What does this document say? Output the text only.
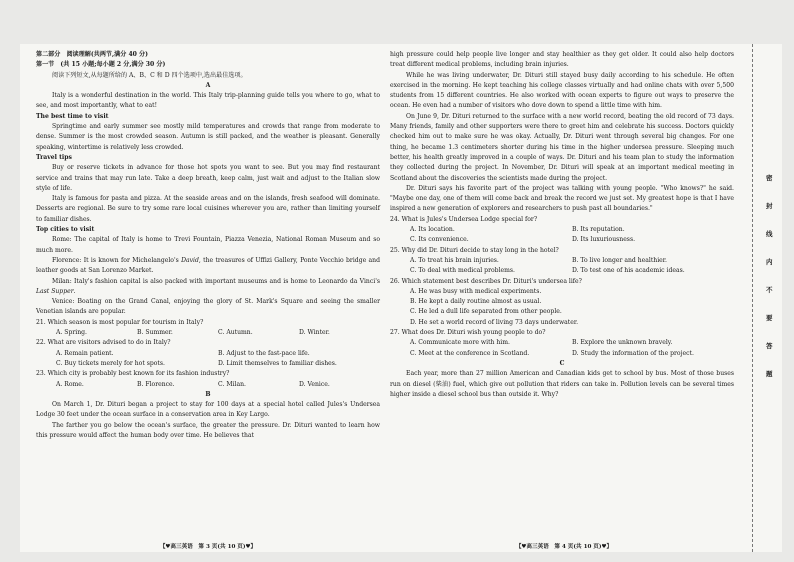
第二部分　阅读理解(共两节,满分 40 分)
第一节　(共 15 小题;每小题 2 分,满分 30 分)

阅读下列短文,从每题所给的 A、B、C 和 D 四个选项中,选出最佳选项。

A

Italy is a wonderful destination in the world. This Italy trip-planning guide tells you where to go, what to see, and most importantly, what to eat!

The best time to visit

Springtime and early summer see mostly mild temperatures and crowds that range from moderate to dense. Summer is the most crowded season. Autumn is still packed, and the weather is pleasant. Generally speaking, wintertime is relatively less crowded.

Travel tips

Buy or reserve tickets in advance for those hot spots you want to see. But you may find restaurant service and trains that may run late. Take a deep breath, keep calm, just wait and adjust to the Italian slow style of life.

Italy is famous for pasta and pizza. At the seaside areas and on the islands, fresh seafood will dominate. Desserts are regional. Be sure to try some rare local cuisines wherever you are, rather than limiting yourself to familiar dishes.

Top cities to visit

Rome: The capital of Italy is home to Trevi Fountain, Piazza Venezia, National Roman Museum and so much more.

Florence: It is known for Michelangelo's David, the treasures of Uffizi Gallery, Ponte Vecchio bridge and leather goods at San Lorenzo Market.

Milan: Italy's fashion capital is also packed with important museums and is home to Leonardo da Vinci's Last Supper.

Venice: Boating on the Grand Canal, enjoying the glory of St. Mark's Square and seeing the smaller Venetian islands are popular.

21. Which season is most popular for tourism in Italy?
A. Spring.	B. Summer.	C. Autumn.	D. Winter.
22. What are visitors advised to do in Italy?
A. Remain patient.	B. Adjust to the fast-pace life.
C. Buy tickets merely for hot spots.	D. Limit themselves to familiar dishes.
23. Which city is probably best known for its fashion industry?
A. Rome.	B. Florence.	C. Milan.	D. Venice.
B

On March 1, Dr. Dituri began a project to stay for 100 days at a special hotel called Jules's Undersea Lodge 30 feet under the ocean surface in a conservation area in Key Largo.

The farther you go below the ocean's surface, the greater the pressure. Dr. Dituri wanted to learn how this pressure would affect the human body over time. He believes that

high pressure could help people live longer and stay healthier as they get older. It could also help doctors treat different medical problems, including brain injuries.

While he was living underwater, Dr. Dituri still stayed busy daily according to his schedule. He often exercised in the morning. He kept teaching his college classes virtually and had online chats with over 5,500 students from 15 different countries. He also worked with ocean experts to figure out ways to preserve the ocean. He even had a number of visitors who dove down to spend a little time with him.

On June 9, Dr. Dituri returned to the surface with a new world record, beating the old record of 73 days. Many friends, family and other supporters were there to greet him and celebrate his success. Doctors quickly checked him out to make sure he was okay. Actually, Dr. Dituri went through several big changes. For one thing, he became 1.3 centimeters shorter during his time in the higher undersea pressure. Sleeping much better, his health greatly improved in a couple of ways. Dr. Dituri and his team plan to study the information they collected during the project. In November, Dr. Dituri will speak at an important medical meeting in Scotland about the discoveries the scientists made during the project.

Dr. Dituri says his favorite part of the project was talking with young people. "Who knows?" he said. "Maybe one day, one of them will come back and break the record we just set. My greatest hope is that I have inspired a new generation of explorers and researchers to push past all boundaries."

24. What is Jules's Undersea Lodge special for?
A. Its location.	B. Its reputation.
C. Its convenience.	D. Its luxuriousness.
25. Why did Dr. Dituri decide to stay long in the hotel?
A. To treat his brain injuries.	B. To live longer and healthier.
C. To deal with medical problems.	D. To test one of his academic ideas.
26. Which statement best describes Dr. Dituri's undersea life?
A. He was busy with medical experiments.
B. He kept a daily routine almost as usual.
C. He led a dull life separated from other people.
D. He set a world record of living 73 days underwater.
27. What does Dr. Dituri wish young people to do?
A. Communicate more with him.	B. Explore the unknown bravely.
C. Meet at the conference in Scotland.	D. Study the information of the project.
C

Each year, more than 27 million American and Canadian kids get to school by bus. Most of those buses run on diesel (柴油) fuel, which give out pollution that riders can take in. Pollution levels can be several times higher inside a diesel school bus than outside it. Why?

【♥高三英语　第 3 页(共 10 页)♥】	【♥高三英语　第 4 页(共 10 页)♥】
密
封
线
内
不
要
答
题
